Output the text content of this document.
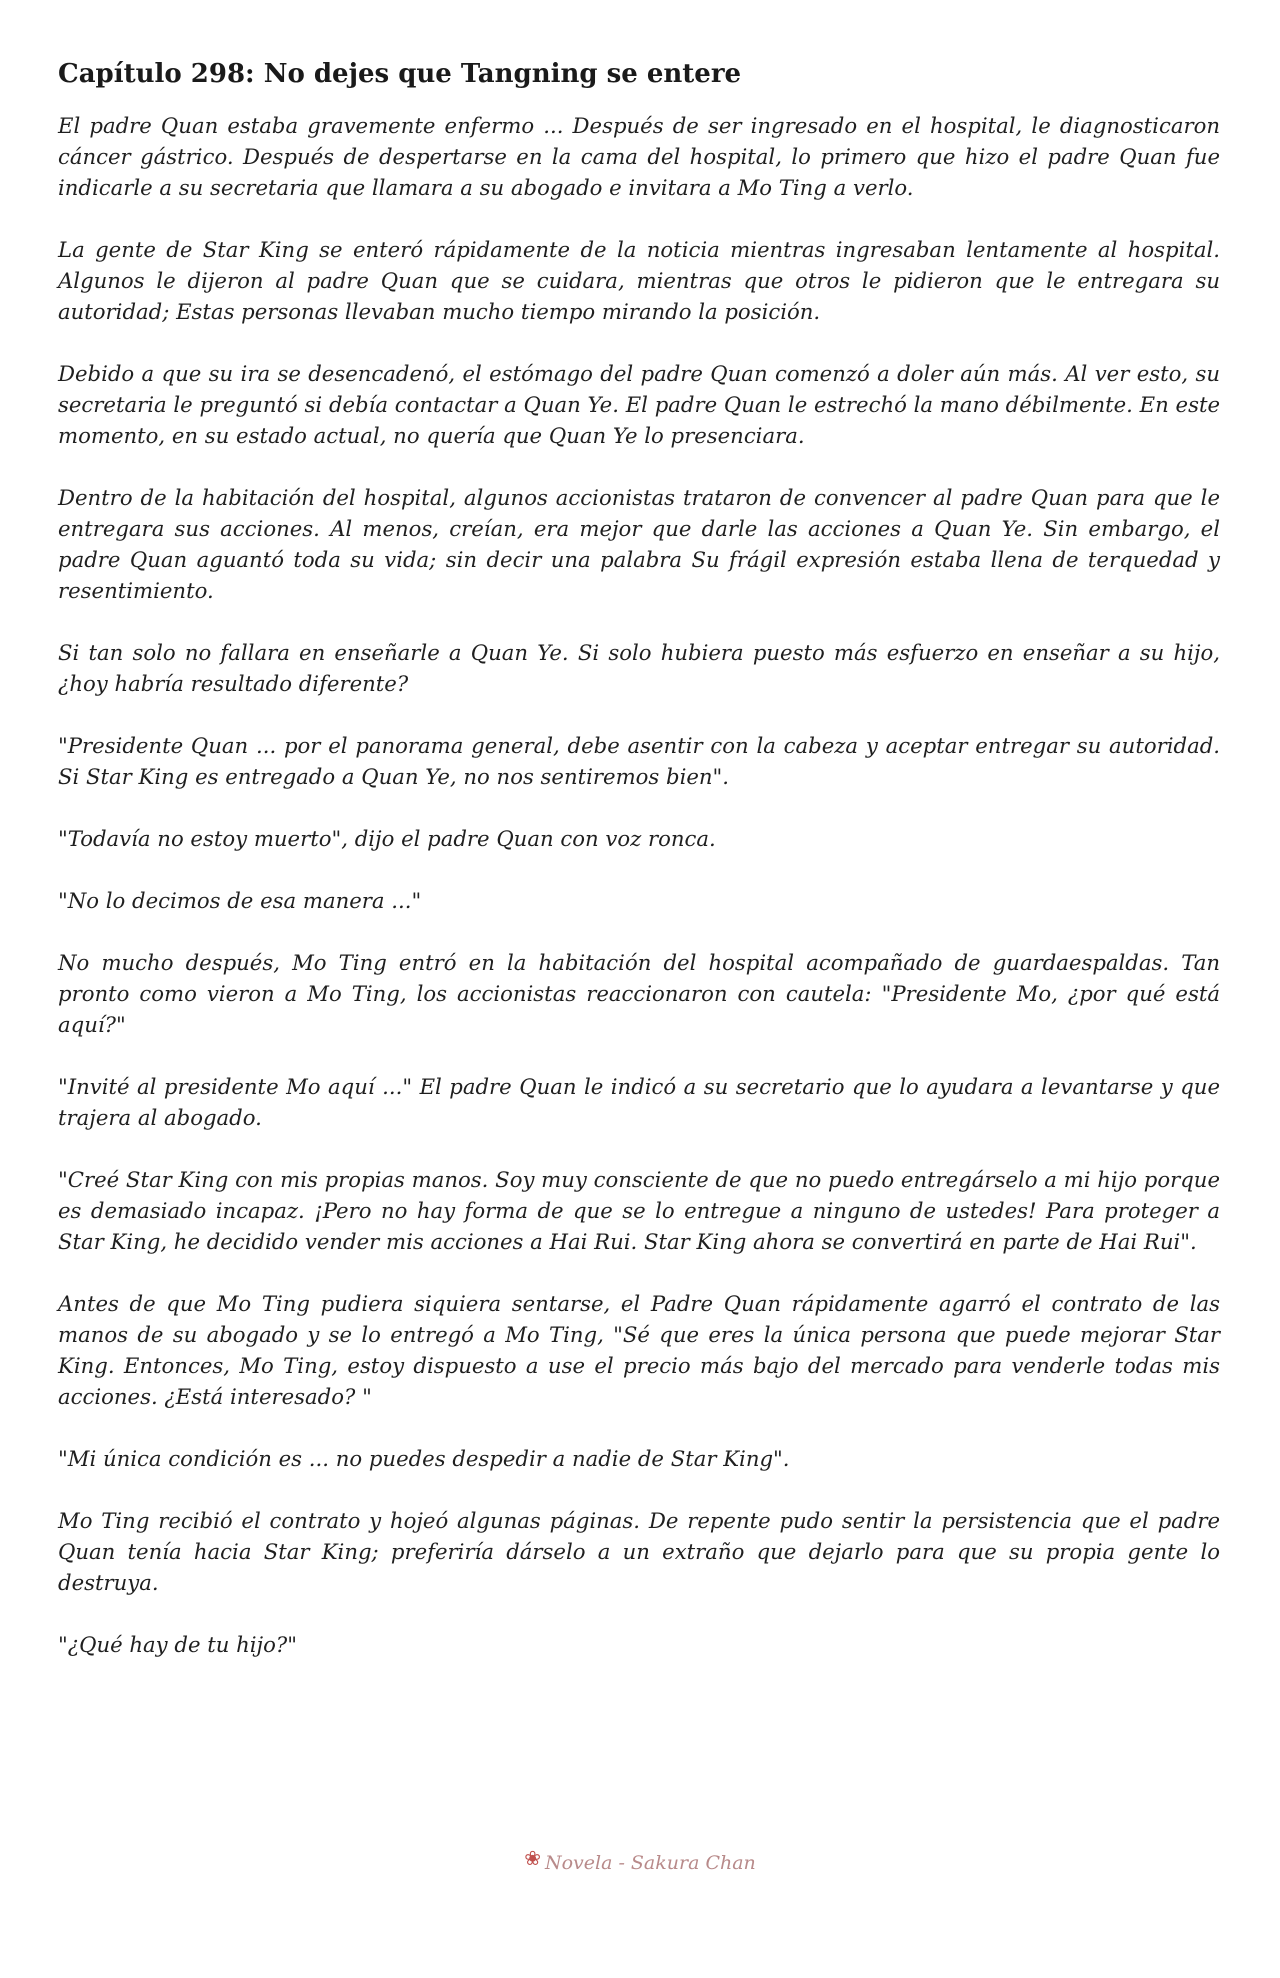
Capítulo 298: No dejes que Tangning se entere

El padre Quan estaba gravemente enfermo ... Después de ser ingresado en el hospital, le diagnosticaron cáncer gástrico. Después de despertarse en la cama del hospital, lo primero que hizo el padre Quan fue indicarle a su secretaria que llamara a su abogado e invitara a Mo Ting a verlo.

La gente de Star King se enteró rápidamente de la noticia mientras ingresaban lentamente al hospital. Algunos le dijeron al padre Quan que se cuidara, mientras que otros le pidieron que le entregara su autoridad; Estas personas llevaban mucho tiempo mirando la posición.

Debido a que su ira se desencadenó, el estómago del padre Quan comenzó a doler aún más. Al ver esto, su secretaria le preguntó si debía contactar a Quan Ye. El padre Quan le estrechó la mano débilmente. En este momento, en su estado actual, no quería que Quan Ye lo presenciara.

Dentro de la habitación del hospital, algunos accionistas trataron de convencer al padre Quan para que le entregara sus acciones. Al menos, creían, era mejor que darle las acciones a Quan Ye. Sin embargo, el padre Quan aguantó toda su vida; sin decir una palabra Su frágil expresión estaba llena de terquedad y resentimiento.

Si tan solo no fallara en enseñarle a Quan Ye. Si solo hubiera puesto más esfuerzo en enseñar a su hijo, ¿hoy habría resultado diferente?

"Presidente Quan ... por el panorama general, debe asentir con la cabeza y aceptar entregar su autoridad. Si Star King es entregado a Quan Ye, no nos sentiremos bien".

"Todavía no estoy muerto", dijo el padre Quan con voz ronca.

"No lo decimos de esa manera ..."

No mucho después, Mo Ting entró en la habitación del hospital acompañado de guardaespaldas. Tan pronto como vieron a Mo Ting, los accionistas reaccionaron con cautela: "Presidente Mo, ¿por qué está aquí?"

"Invité al presidente Mo aquí ..." El padre Quan le indicó a su secretario que lo ayudara a levantarse y que trajera al abogado.

"Creé Star King con mis propias manos. Soy muy consciente de que no puedo entregárselo a mi hijo porque es demasiado incapaz. ¡Pero no hay forma de que se lo entregue a ninguno de ustedes! Para proteger a Star King, he decidido vender mis acciones a Hai Rui. Star King ahora se convertirá en parte de Hai Rui".

Antes de que Mo Ting pudiera siquiera sentarse, el Padre Quan rápidamente agarró el contrato de las manos de su abogado y se lo entregó a Mo Ting, "Sé que eres la única persona que puede mejorar Star King. Entonces, Mo Ting, estoy dispuesto a use el precio más bajo del mercado para venderle todas mis acciones. ¿Está interesado? "

"Mi única condición es ... no puedes despedir a nadie de Star King".

Mo Ting recibió el contrato y hojeó algunas páginas. De repente pudo sentir la persistencia que el padre Quan tenía hacia Star King; preferiría dárselo a un extraño que dejarlo para que su propia gente lo destruya.

"¿Qué hay de tu hijo?"

❀ Novela - Sakura Chan
